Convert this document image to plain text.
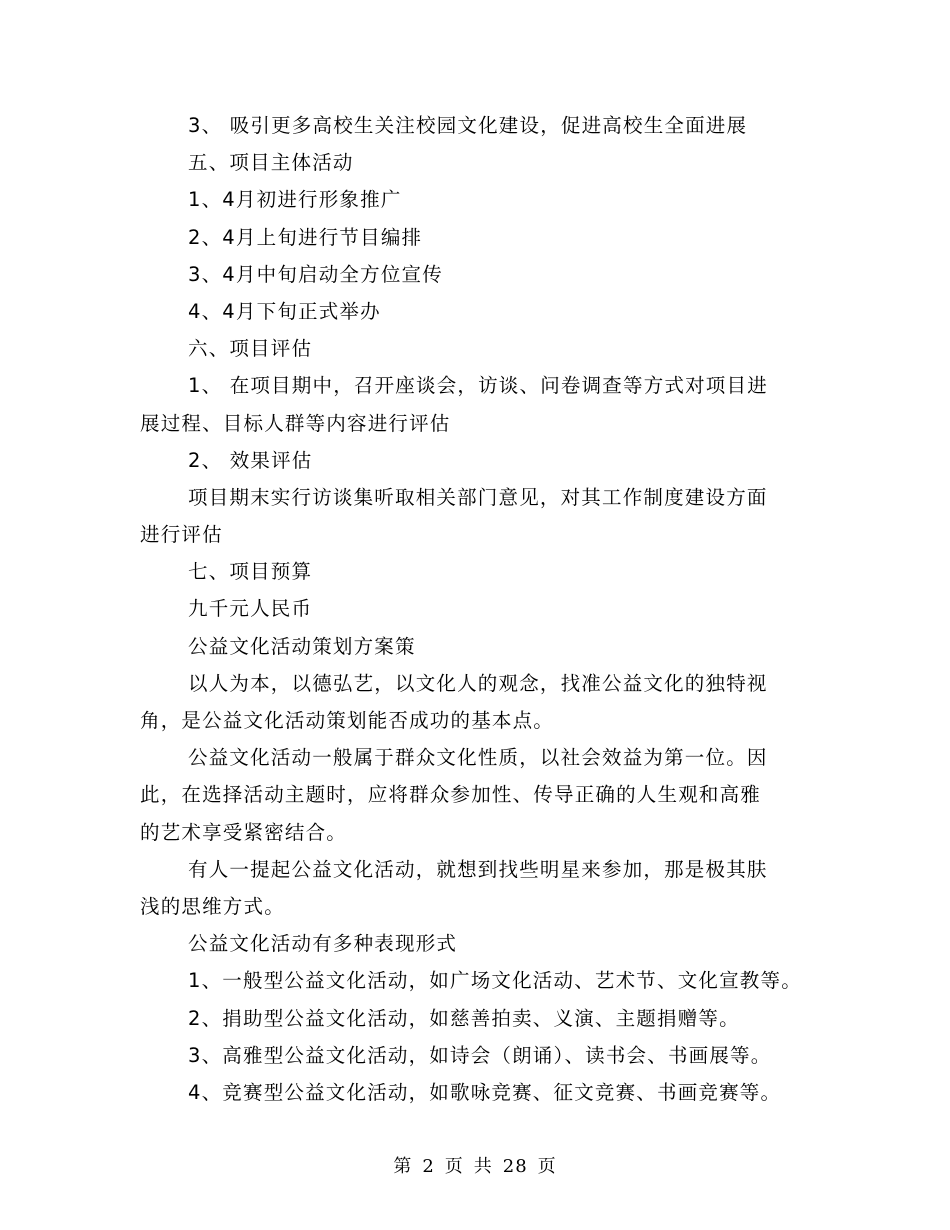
3、 吸引更多高校生关注校园文化建设，促进高校生全面进展
五、项目主体活动
1、4月初进行形象推广
2、4月上旬进行节目编排
3、4月中旬启动全方位宣传
4、4月下旬正式举办
六、项目评估
1、 在项目期中，召开座谈会，访谈、问卷调查等方式对项目进
展过程、目标人群等内容进行评估
2、 效果评估
项目期末实行访谈集听取相关部门意见，对其工作制度建设方面
进行评估
七、项目预算
九千元人民币
公益文化活动策划方案策
以人为本，以德弘艺，以文化人的观念，找准公益文化的独特视
角，是公益文化活动策划能否成功的基本点。
公益文化活动一般属于群众文化性质，以社会效益为第一位。因
此，在选择活动主题时，应将群众参加性、传导正确的人生观和高雅
的艺术享受紧密结合。
有人一提起公益文化活动，就想到找些明星来参加，那是极其肤
浅的思维方式。
公益文化活动有多种表现形式
1、一般型公益文化活动，如广场文化活动、艺术节、文化宣教等。
2、捐助型公益文化活动，如慈善拍卖、义演、主题捐赠等。
3、高雅型公益文化活动，如诗会（朗诵）、读书会、书画展等。
4、竞赛型公益文化活动，如歌咏竞赛、征文竞赛、书画竞赛等。
第 2 页 共 28 页
